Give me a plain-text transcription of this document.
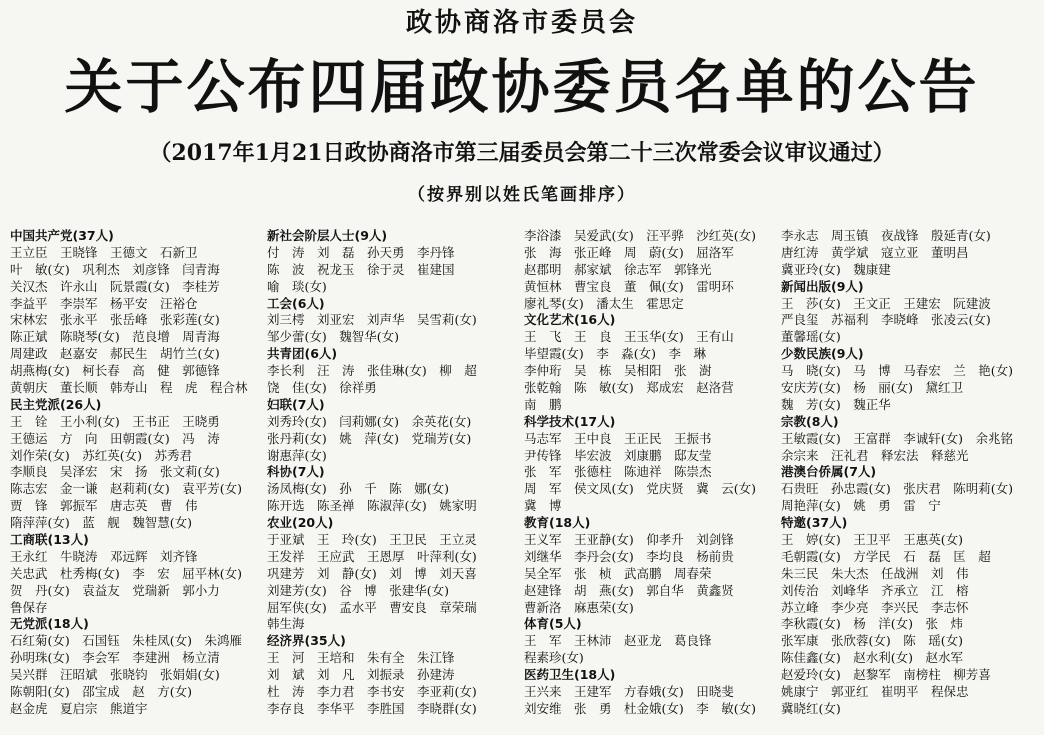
政协商洛市委员会
关于公布四届政协委员名单的公告
（2017年1月21日政协商洛市第三届委员会第二十三次常委会议审议通过）
（按界别以姓氏笔画排序）
中国共产党(37人)
王立臣　王晓锋　王德文　石新卫
叶　敏(女)　巩利杰　刘彦锋　闫青海
关汉杰　许永山　阮景霞(女)　李桂芳
李益平　李崇军　杨平安　汪裕仓
宋林宏　张永平　张岳峰　张彩莲(女)
陈正斌　陈晓琴(女)　范良增　周青海
周建政　赵嘉安　郝民生　胡竹兰(女)
胡燕梅(女)　柯长春　高　健　郭德锋
黄朝庆　董长顺　韩寿山　程　虎　程合林
民主党派(26人)
王　铨　王小利(女)　王书正　王晓勇
王德运　方　向　田朝霞(女)　冯　涛
刘作荣(女)　苏红英(女)　苏秀君
李顺良　吴泽宏　宋　扬　张文莉(女)
陈志宏　金一谦　赵莉莉(女)　袁平芳(女)
贾　锋　郭振军　唐志英　曹　伟
隋萍萍(女)　蓝　舰　魏智慧(女)
工商联(13人)
王永红　牛晓涛　邓远辉　刘齐锋
关忠武　杜秀梅(女)　李　宏　屈平林(女)
贺　丹(女)　袁益友　党瑞新　郭小力
鲁保存
无党派(18人)
石红菊(女)　石国钰　朱桂凤(女)　朱鸿雁
孙明珠(女)　李会军　李建洲　杨立清
吴兴群　汪昭斌　张晓钧　张娟娟(女)
陈朝阳(女)　邵宝成　赵　方(女)
赵金虎　夏启宗　熊道宇
新社会阶层人士(9人)
付　涛　刘　磊　孙天勇　李丹锋
陈　波　祝龙玉　徐于灵　崔建国
喻　琰(女)
工会(6人)
刘三樗　刘亚宏　刘声华　吴雪莉(女)
邹少蕾(女)　魏智华(女)
共青团(6人)
李长利　汪　涛　张佳琳(女)　柳　超
饶　佳(女)　徐祥勇
妇联(7人)
刘秀玲(女)　闫莉娜(女)　余英花(女)
张丹莉(女)　姚　萍(女)　党瑞芳(女)
谢惠萍(女)
科协(7人)
汤凤梅(女)　孙　千　陈　娜(女)
陈开选　陈圣禅　陈淑萍(女)　姚家明
农业(20人)
于亚斌　王　玲(女)　王卫民　王立灵
王发祥　王应武　王恩厚　叶萍利(女)
巩建芳　刘　静(女)　刘　博　刘天喜
刘建芳(女)　谷　博　张建华(女)
屈军侠(女)　孟水平　曹安良　章荣瑞
韩生海
经济界(35人)
王　河　王培和　朱有全　朱江锋
刘　斌　刘　凡　刘振录　孙建涛
杜　涛　李力君　李书安　李亚莉(女)
李存良　李华平　李胜国　李晓群(女)
李浴漆　吴爱武(女)　汪平骅　沙红英(女)
张　海　张正峰　周　蔚(女)　屈洛军
赵郡明　郝家斌　徐志军　郭锋光
黄恒林　曹宝良　董　佩(女)　雷明环
廖礼琴(女)　潘太生　霍思定
文化艺术(16人)
王　飞　王　良　王玉华(女)　王有山
毕望霞(女)　李　淼(女)　李　琳
李仲珩　吴　栋　吴相阳　张　澍
张乾翰　陈　敏(女)　郑成宏　赵洛营
南　鹏
科学技术(17人)
马志军　王中良　王正民　王振书
尹传锋　毕宏波　刘康鹏　邸友莹
张　军　张德柱　陈迪祥　陈崇杰
周　军　侯文凤(女)　党庆贤　冀　云(女)
冀　博
教育(18人)
王义军　王亚静(女)　仰孝升　刘剑锋
刘继华　李丹会(女)　李均良　杨前贵
吴全军　张　桢　武高鹏　周春荣
赵建锋　胡　燕(女)　郭自华　黄鑫贤
曹新洛　麻惠荣(女)
体育(5人)
王　军　王林沛　赵亚龙　葛良锋
程素珍(女)
医药卫生(18人)
王兴来　王建军　方春娥(女)　田晓斐
刘安维　张　勇　杜金娥(女)　李　敏(女)
李永志　周玉镇　夜战锋　殷延青(女)
唐红涛　黄学斌　寇立亚　董明昌
冀亚玲(女)　魏康建
新闻出版(9人)
王　莎(女)　王文正　王建宏　阮建波
严良玺　苏福利　李晓峰　张凌云(女)
董馨瑶(女)
少数民族(9人)
马　晓(女)　马　博　马春宏　兰　艳(女)
安庆芳(女)　杨　丽(女)　黛红卫
魏　芳(女)　魏正华
宗教(8人)
王敏霞(女)　王富群　李诚轩(女)　余兆铭
余宗来　汪礼君　释宏法　释慈光
港澳台侨属(7人)
石贵旺　孙忠霞(女)　张庆君　陈明莉(女)
周艳萍(女)　姚　勇　雷　宁
特邀(37人)
王　婷(女)　王卫平　王惠英(女)
毛朝霞(女)　方学民　石　磊　匡　超
朱三民　朱大杰　任战洲　刘　伟
刘传治　刘峰华　齐承立　江　榕
苏立峰　李少亮　李兴民　李志怀
李秋霞(女)　杨　洋(女)　张　炜
张军康　张欣蓉(女)　陈　瑶(女)
陈佳鑫(女)　赵水利(女)　赵水军
赵爱玲(女)　赵黎军　南榜柱　柳芳喜
姚康宁　郭亚红　崔明平　程保忠
冀晓红(女)
